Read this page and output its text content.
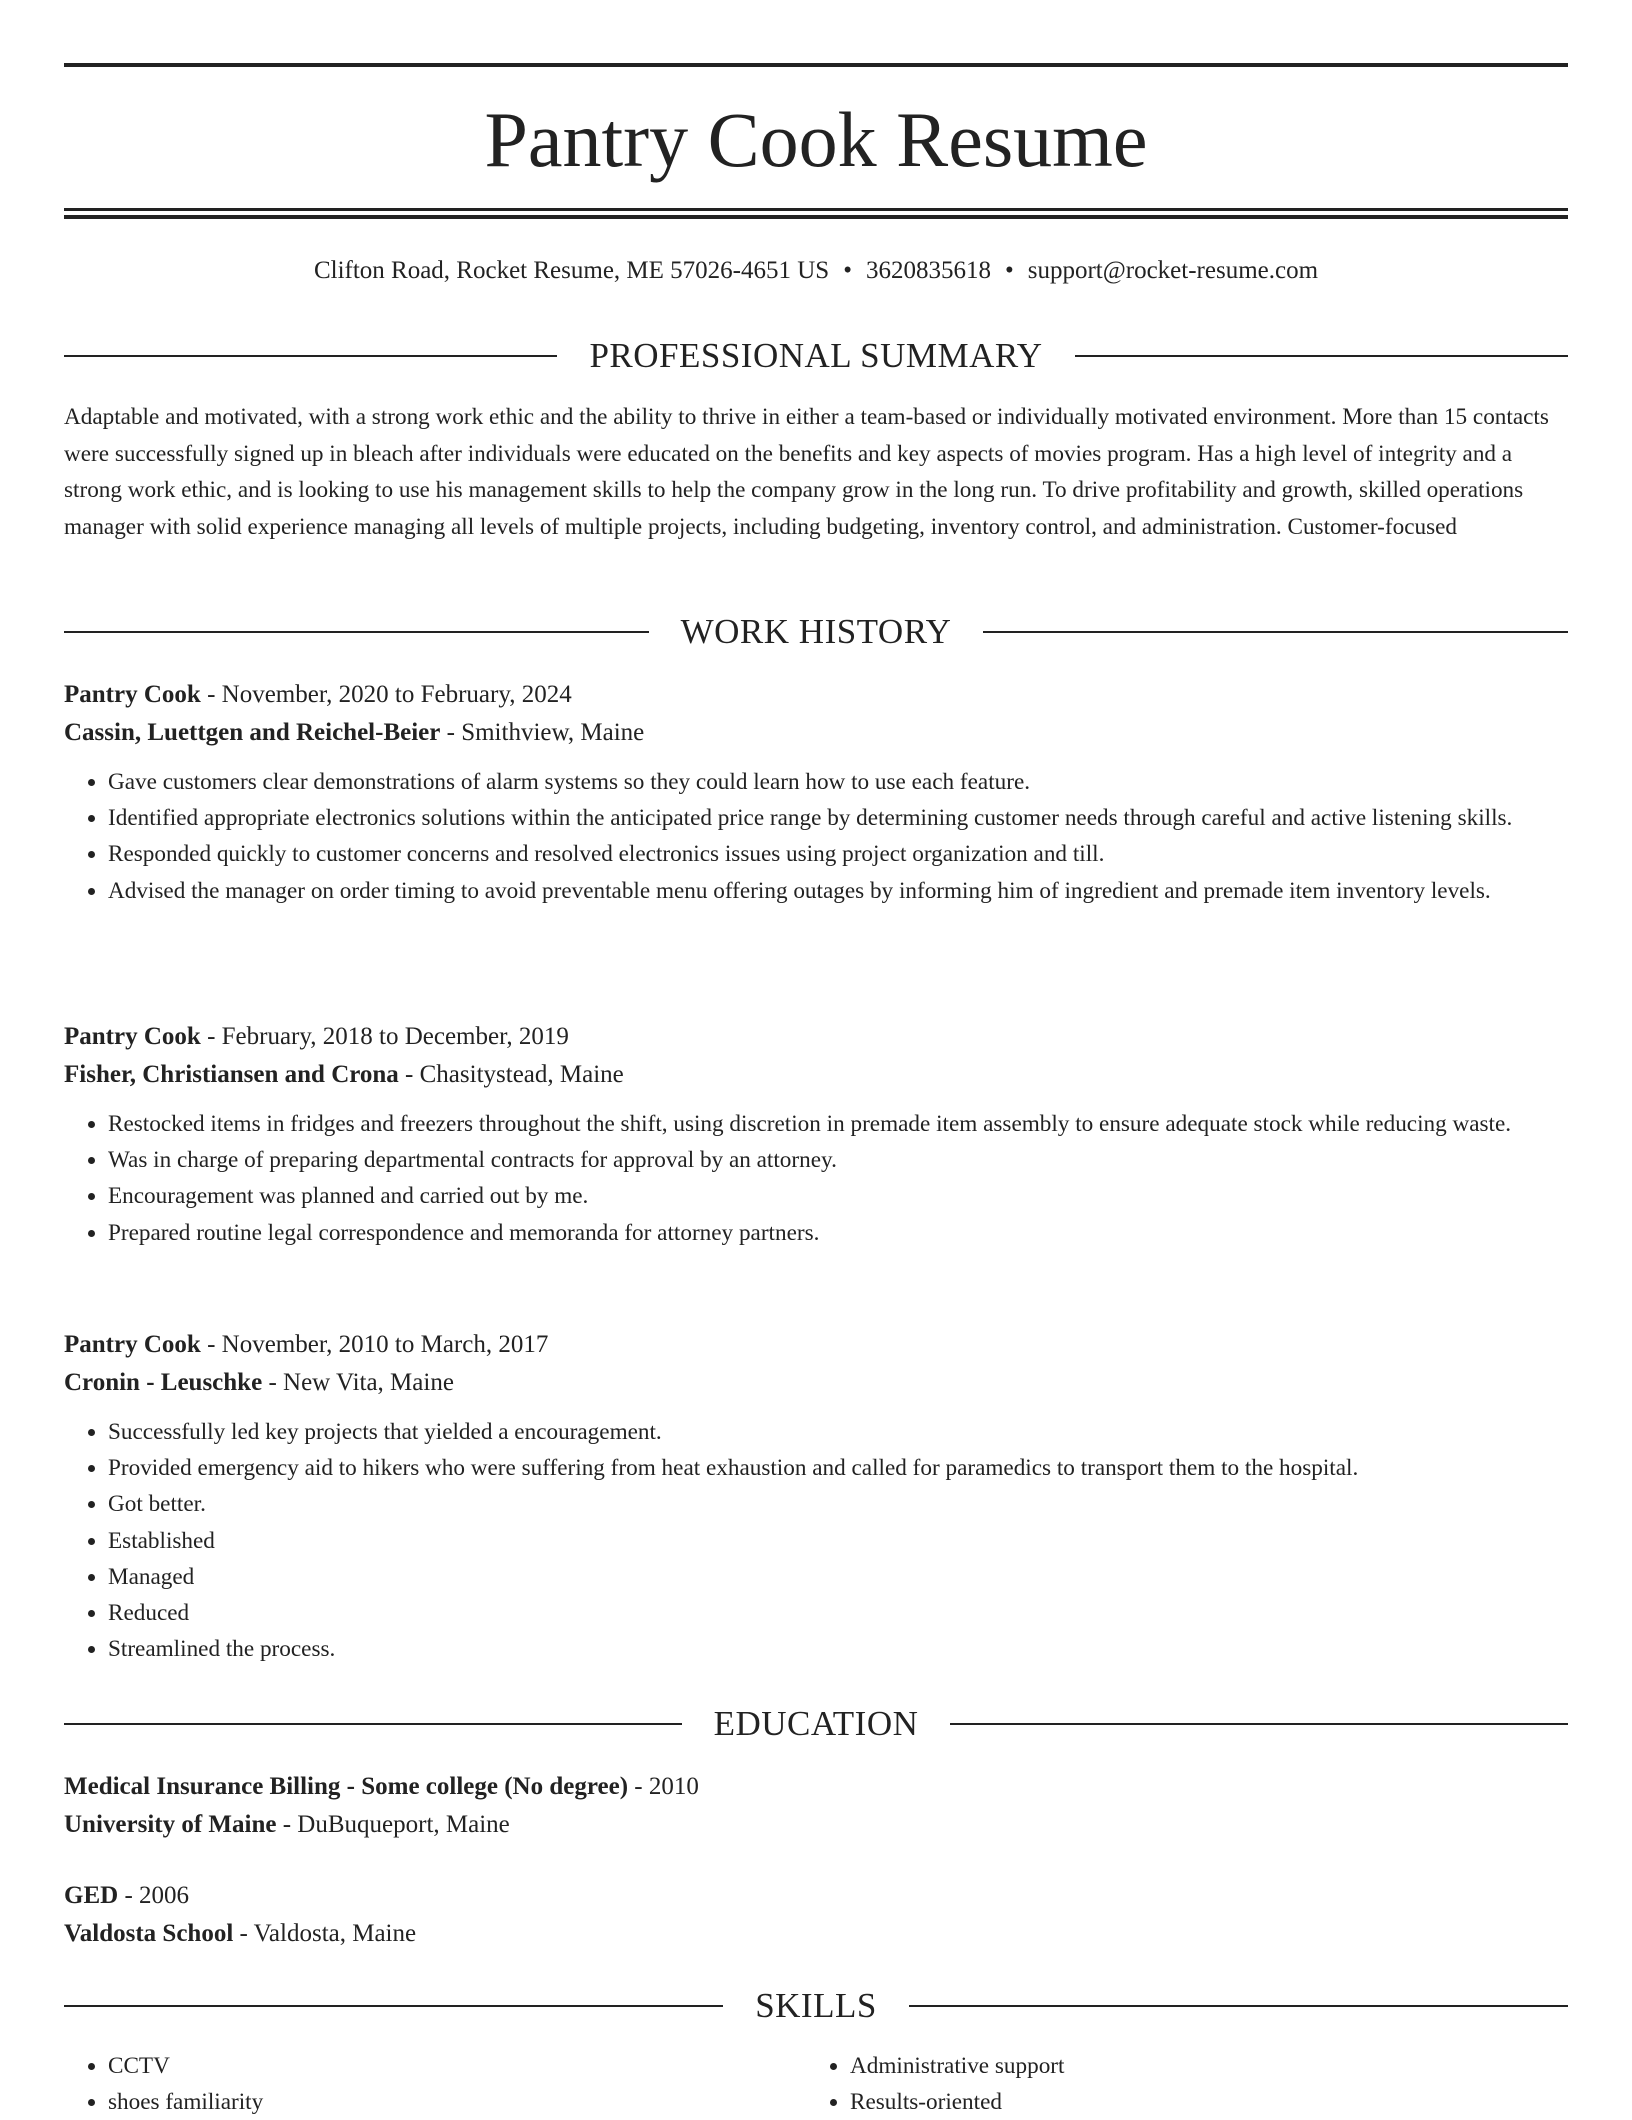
Pantry Cook Resume
Clifton Road, Rocket Resume, ME 57026-4651 US • 3620835618 • support@rocket-resume.com
PROFESSIONAL SUMMARY

Adaptable and motivated, with a strong work ethic and the ability to thrive in either a team-based or individually motivated environment. More than 15 contacts were successfully signed up in bleach after individuals were educated on the benefits and key aspects of movies program. Has a high level of integrity and a strong work ethic, and is looking to use his management skills to help the company grow in the long run. To drive profitability and growth, skilled operations manager with solid experience managing all levels of multiple projects, including budgeting, inventory control, and administration. Customer-focused

WORK HISTORY
Pantry Cook - November, 2020 to February, 2024
Cassin, Luettgen and Reichel-Beier - Smithview, Maine
• Gave customers clear demonstrations of alarm systems so they could learn how to use each feature.
• Identified appropriate electronics solutions within the anticipated price range by determining customer needs through careful and active listening skills.
• Responded quickly to customer concerns and resolved electronics issues using project organization and till.
• Advised the manager on order timing to avoid preventable menu offering outages by informing him of ingredient and premade item inventory levels.
Pantry Cook - February, 2018 to December, 2019
Fisher, Christiansen and Crona - Chasitystead, Maine
• Restocked items in fridges and freezers throughout the shift, using discretion in premade item assembly to ensure adequate stock while reducing waste.
• Was in charge of preparing departmental contracts for approval by an attorney.
• Encouragement was planned and carried out by me.
• Prepared routine legal correspondence and memoranda for attorney partners.
Pantry Cook - November, 2010 to March, 2017
Cronin - Leuschke - New Vita, Maine
• Successfully led key projects that yielded a encouragement.
• Provided emergency aid to hikers who were suffering from heat exhaustion and called for paramedics to transport them to the hospital.
• Got better.
• Established
• Managed
• Reduced
• Streamlined the process.
EDUCATION
Medical Insurance Billing - Some college (No degree) - 2010
University of Maine - DuBuqueport, Maine
GED - 2006
Valdosta School - Valdosta, Maine
SKILLS
• CCTV
• shoes familiarity
• Administrative support
• Results-oriented
